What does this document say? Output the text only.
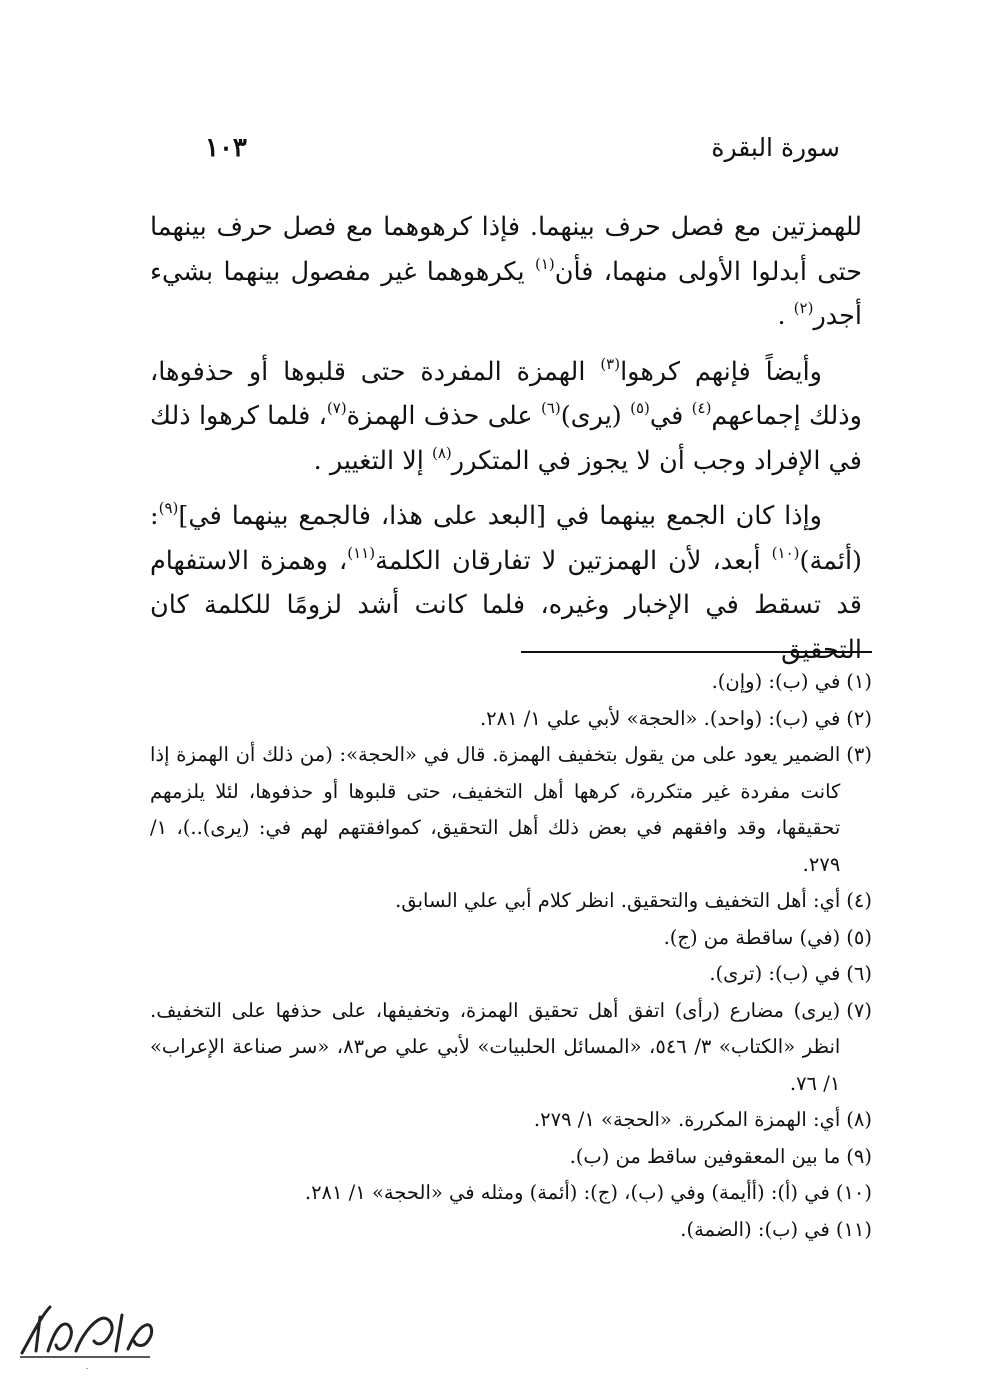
سورة البقرة
١٠٣

للهمزتين مع فصل حرف بينهما. فإذا كرهوهما مع فصل حرف بينهما حتى أبدلوا الأولى منهما، فأن$^{(١)}$ يكرهوهما غير مفصول بينهما بشيء أجدر$^{(٢)}$ .

وأيضاً فإنهم كرهوا$^{(٣)}$ الهمزة المفردة حتى قلبوها أو حذفوها، وذلك إجماعهم$^{(٤)}$ في$^{(٥)}$ (يرى)$^{(٦)}$ على حذف الهمزة$^{(٧)}$، فلما كرهوا ذلك في الإفراد وجب أن لا يجوز في المتكرر$^{(٨)}$ إلا التغيير .

وإذا كان الجمع بينهما في [البعد على هذا، فالجمع بينهما في]$^{(٩)}$: (أئمة)$^{(١٠)}$ أبعد، لأن الهمزتين لا تفارقان الكلمة$^{(١١)}$، وهمزة الاستفهام قد تسقط في الإخبار وغيره، فلما كانت أشد لزومًا للكلمة كان التحقيق

(١)
في (ب): (وإن).
(٢)
في (ب): (واحد). «الحجة» لأبي علي ١/ ٢٨١.
(٣)
الضمير يعود على من يقول بتخفيف الهمزة. قال في «الحجة»: (من ذلك أن الهمزة إذا كانت مفردة غير متكررة، كرهها أهل التخفيف، حتى قلبوها أو حذفوها، لئلا يلزمهم تحقيقها، وقد وافقهم في بعض ذلك أهل التحقيق، كموافقتهم لهم في: (يرى)..)، ١/ ٢٧٩.
(٤)
أي: أهل التخفيف والتحقيق. انظر كلام أبي علي السابق.
(٥)
(في) ساقطة من (ج).
(٦)
في (ب): (ترى).
(٧)
(يرى) مضارع (رأى) اتفق أهل تحقيق الهمزة، وتخفيفها، على حذفها على التخفيف. انظر «الكتاب» ٣/ ٥٤٦، «المسائل الحلبيات» لأبي علي ص٨٣، «سر صناعة الإعراب» ١/ ٧٦.
(٨)
أي: الهمزة المكررة. «الحجة» ١/ ٢٧٩.
(٩)
ما بين المعقوفين ساقط من (ب).
(١٠)
في (أ): (أأيمة) وفي (ب)، (ج): (أئمة) ومثله في «الحجة» ١/ ٢٨١.
(١١)
في (ب): (الضمة).
.
